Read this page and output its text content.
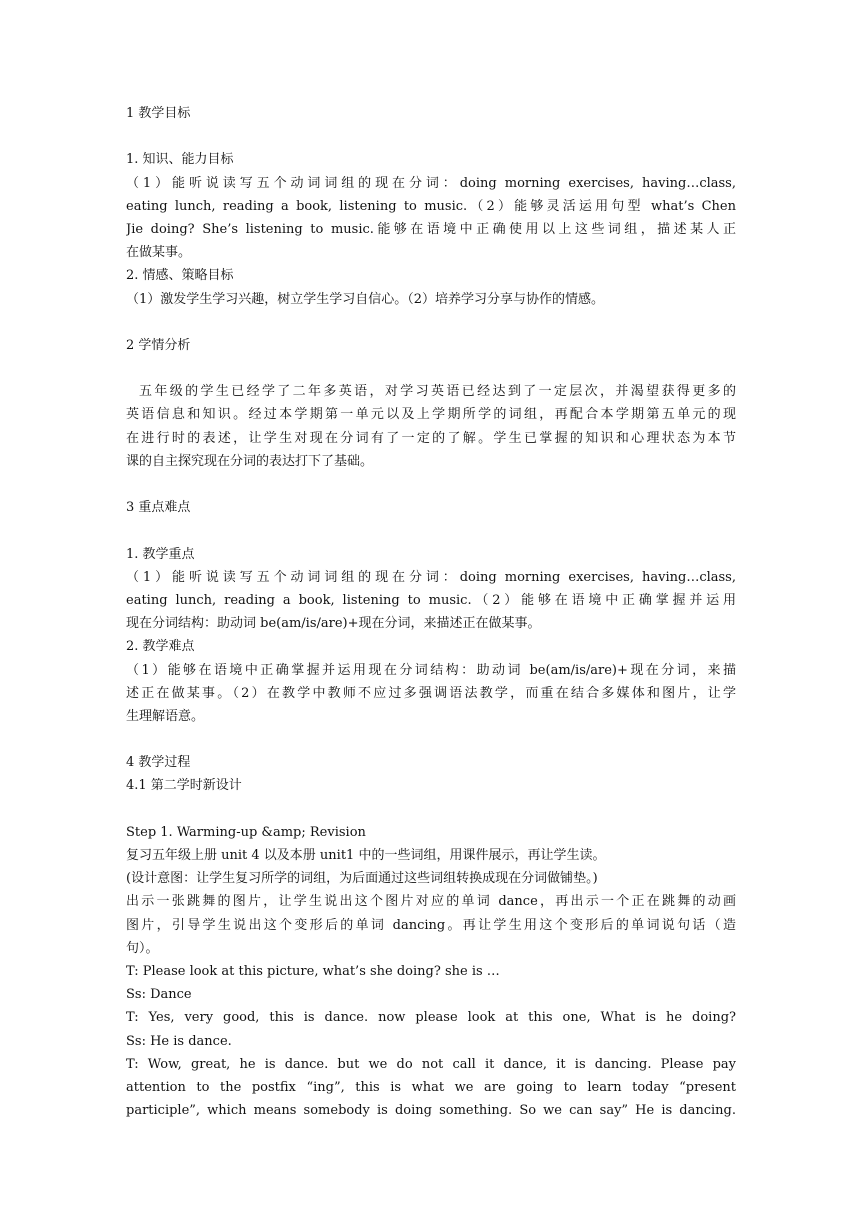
1 教学目标
1. 知识、能力目标
（1）能听说读写五个动词词组的现在分词：doing morning exercises, having…class,
eating lunch, reading a book, listening to music.（2）能够灵活运用句型 what’s Chen
Jie doing? She’s listening to music.能够在语境中正确使用以上这些词组，描述某人正
在做某事。
2. 情感、策略目标
（1）激发学生学习兴趣，树立学生学习自信心。（2）培养学习分享与协作的情感。
2 学情分析
五年级的学生已经学了二年多英语，对学习英语已经达到了一定层次，并渴望获得更多的
英语信息和知识。经过本学期第一单元以及上学期所学的词组，再配合本学期第五单元的现
在进行时的表述，让学生对现在分词有了一定的了解。学生已掌握的知识和心理状态为本节
课的自主探究现在分词的表达打下了基础。
3 重点难点
1. 教学重点
（1）能听说读写五个动词词组的现在分词：doing morning exercises, having…class,
eating lunch, reading a book, listening to music.（2）能够在语境中正确掌握并运用
现在分词结构：助动词 be(am/is/are)+现在分词，来描述正在做某事。
2. 教学难点
（1）能够在语境中正确掌握并运用现在分词结构：助动词 be(am/is/are)+现在分词，来描
述正在做某事。（2）在教学中教师不应过多强调语法教学，而重在结合多媒体和图片，让学
生理解语意。
4 教学过程
4.1 第二学时新设计
Step 1. Warming-up &amp; Revision
复习五年级上册 unit 4 以及本册 unit1 中的一些词组，用课件展示，再让学生读。
(设计意图：让学生复习所学的词组，为后面通过这些词组转换成现在分词做铺垫。)
出示一张跳舞的图片，让学生说出这个图片对应的单词 dance，再出示一个正在跳舞的动画
图片，引导学生说出这个变形后的单词 dancing。再让学生用这个变形后的单词说句话（造
句）。
T: Please look at this picture, what’s she doing? she is …
Ss: Dance
T: Yes, very good, this is dance. now please look at this one, What is he doing?
Ss: He is dance.
T: Wow, great, he is dance. but we do not call it dance, it is dancing. Please pay
attention to the postfix “ing”, this is what we are going to learn today “present
participle”, which means somebody is doing something. So we can say” He is dancing.
